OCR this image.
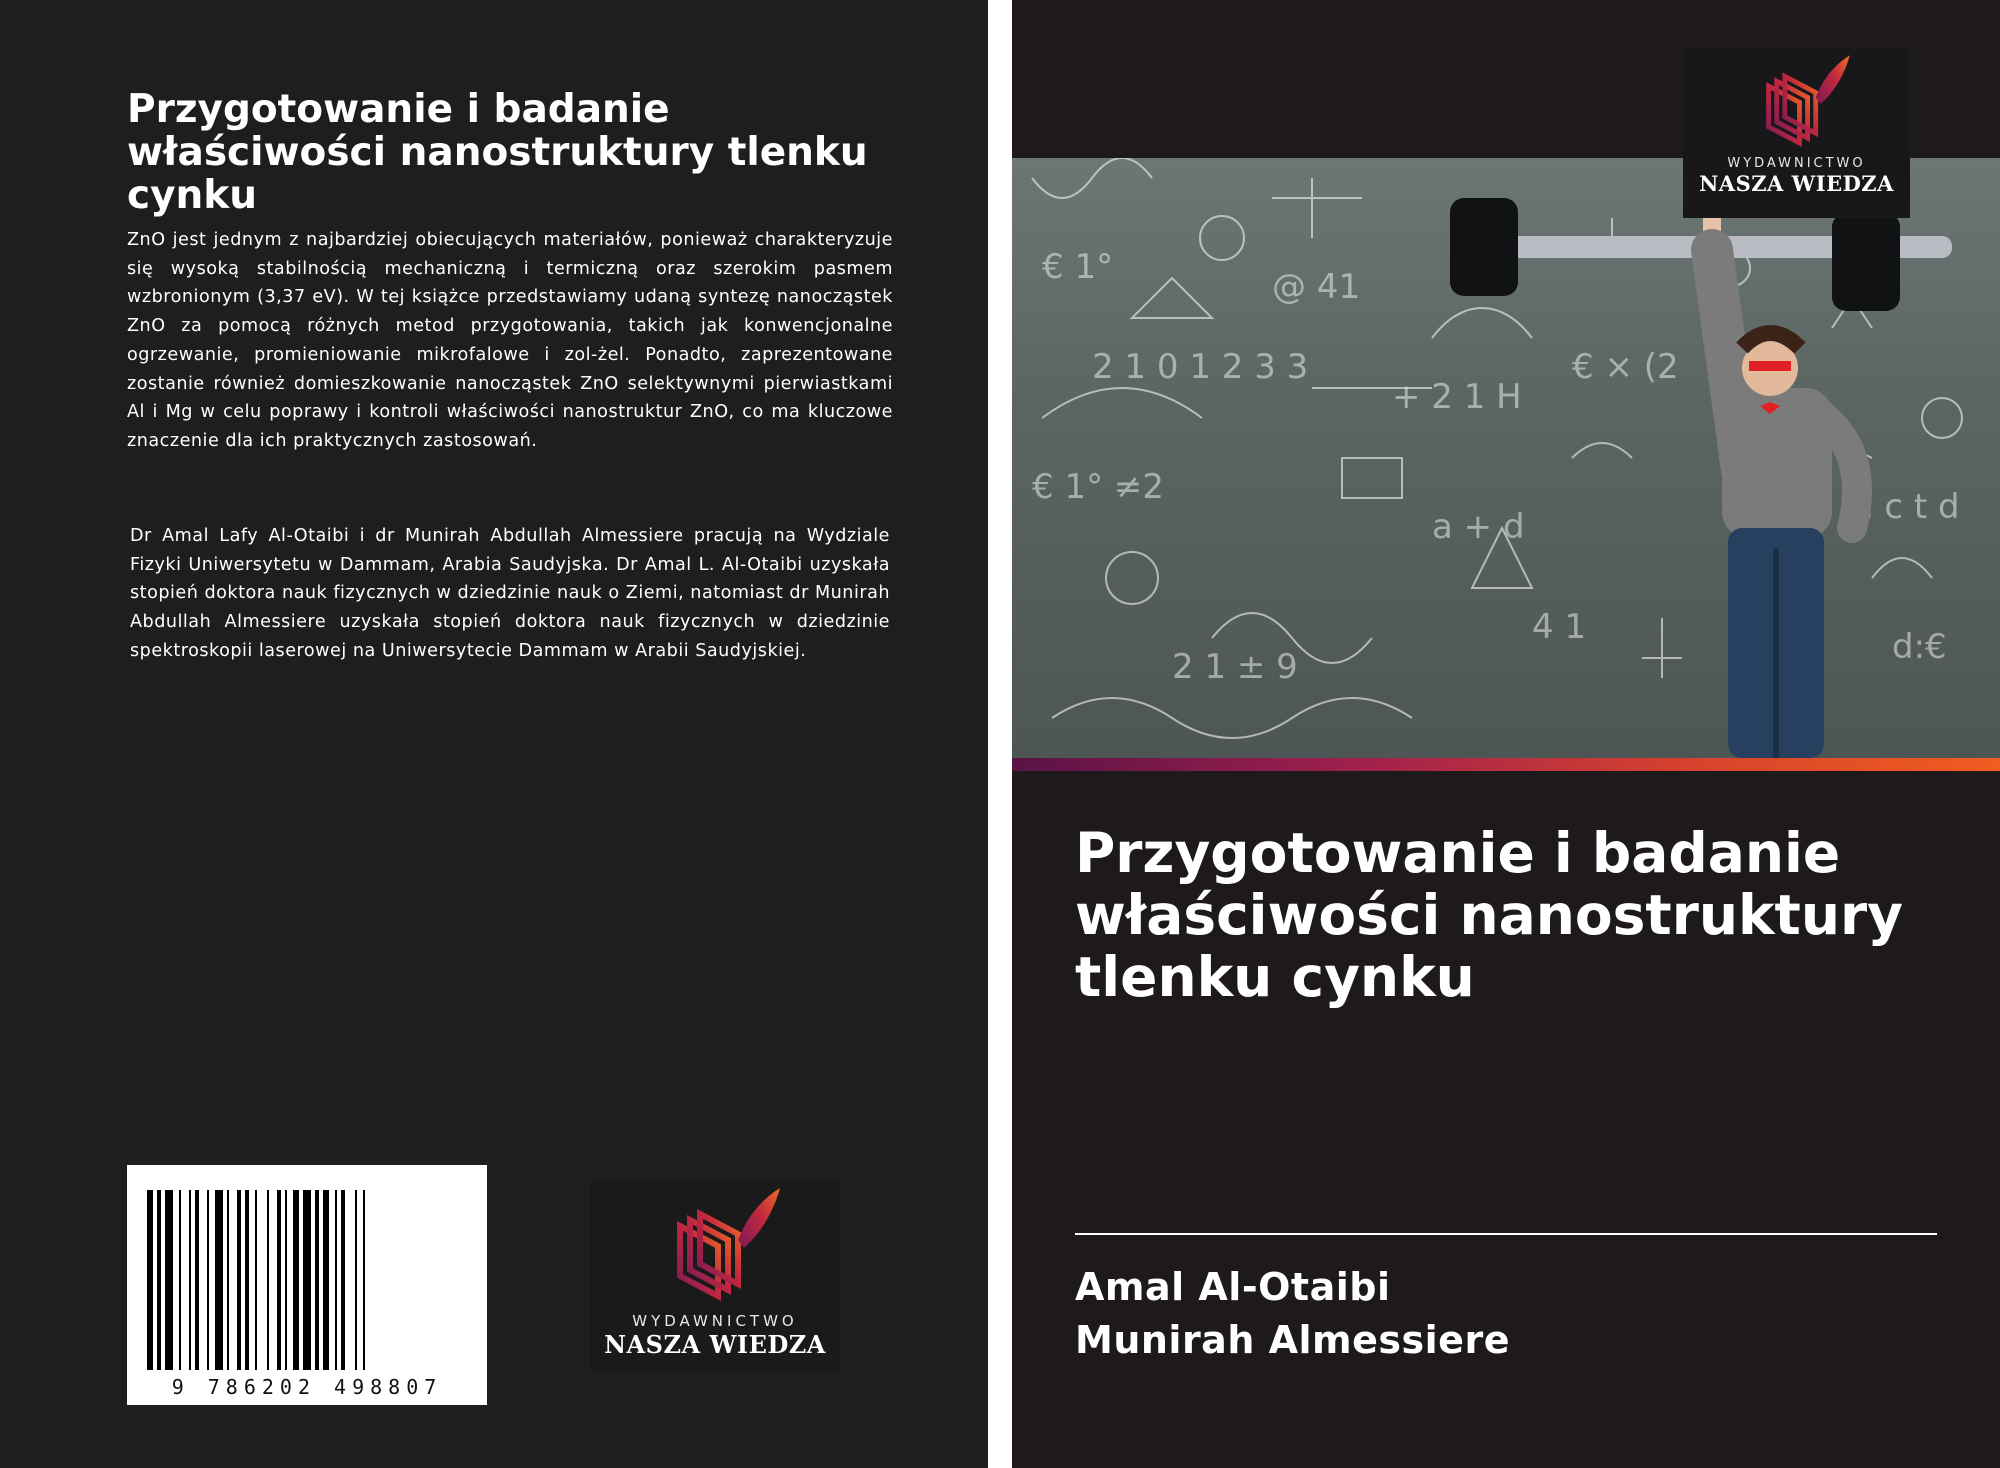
Przygotowanie i badanie właściwości nanostruktury tlenku cynku

ZnO jest jednym z najbardziej obiecujących materiałów, ponieważ charakteryzuje się wysoką stabilnością mechaniczną i termiczną oraz szerokim pasmem wzbronionym (3,37 eV). W tej książce przedstawiamy udaną syntezę nanocząstek ZnO za pomocą różnych metod przygotowania, takich jak konwencjonalne ogrzewanie, promieniowanie mikrofalowe i zol-żel. Ponadto, zaprezentowane zostanie również domieszkowanie nanocząstek ZnO selektywnymi pierwiastkami Al i Mg w celu poprawy i kontroli właściwości nanostruktur ZnO, co ma kluczowe znaczenie dla ich praktycznych zastosowań.

Dr Amal Lafy Al-Otaibi i dr Munirah Abdullah Almessiere pracują na Wydziale Fizyki Uniwersytetu w Dammam, Arabia Saudyjska. Dr Amal L. Al-Otaibi uzyskała stopień doktora nauk fizycznych w dziedzinie nauk o Ziemi, natomiast dr Munirah Abdullah Almessiere uzyskała stopień doktora nauk fizycznych w dziedzinie spektroskopii laserowej na Uniwersytecie Dammam w Arabii Saudyjskiej.

9 786202 498807
WYDAWNICTWO
NASZA WIEDZA
€ 1°
€ 1° ≠2
@ 41
2 1 0 1 2 3 3
+ 2 1 H
a + d
2 1 ± 9
€ × (2
d c t d
d:€
4 1
WYDAWNICTWO
NASZA WIEDZA
Przygotowanie i badanie właściwości nanostruktury tlenku cynku
Amal Al-Otaibi
Munirah Almessiere
